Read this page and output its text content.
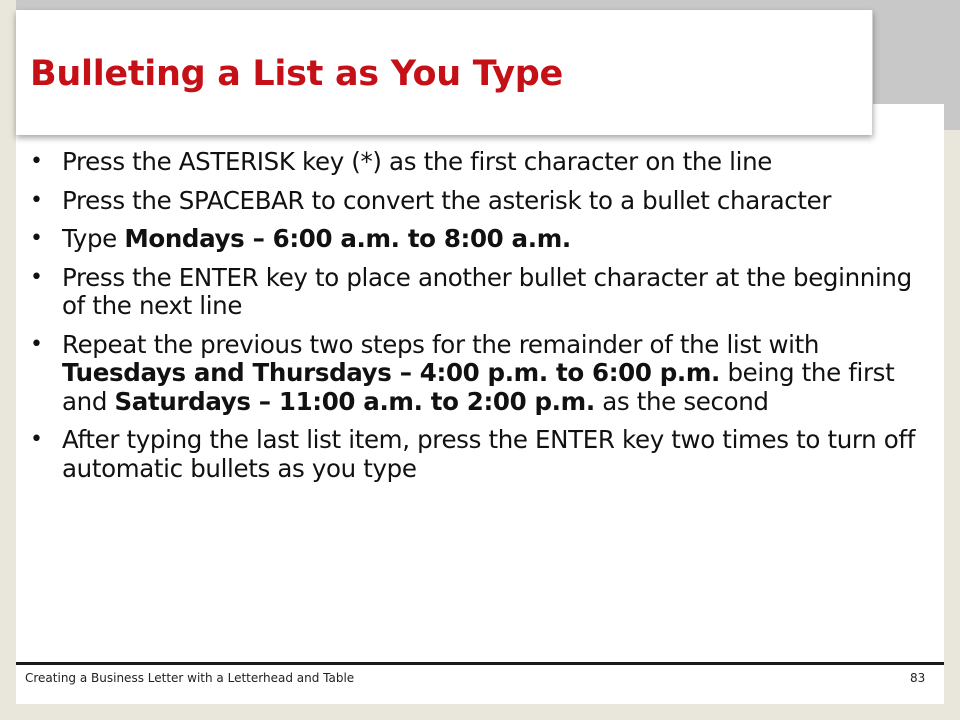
Bulleting a List as You Type
• Press the ASTERISK key (*) as the first character on the line
• Press the SPACEBAR to convert the asterisk to a bullet character
• Type Mondays – 6:00 a.m. to 8:00 a.m.
• Press the ENTER key to place another bullet character at the beginning of the next line
• Repeat the previous two steps for the remainder of the list with Tuesdays and Thursdays – 4:00 p.m. to 6:00 p.m. being the first and Saturdays – 11:00 a.m. to 2:00 p.m. as the second
• After typing the last list item, press the ENTER key two times to turn off automatic bullets as you type
Creating a Business Letter with a Letterhead and Table	83
